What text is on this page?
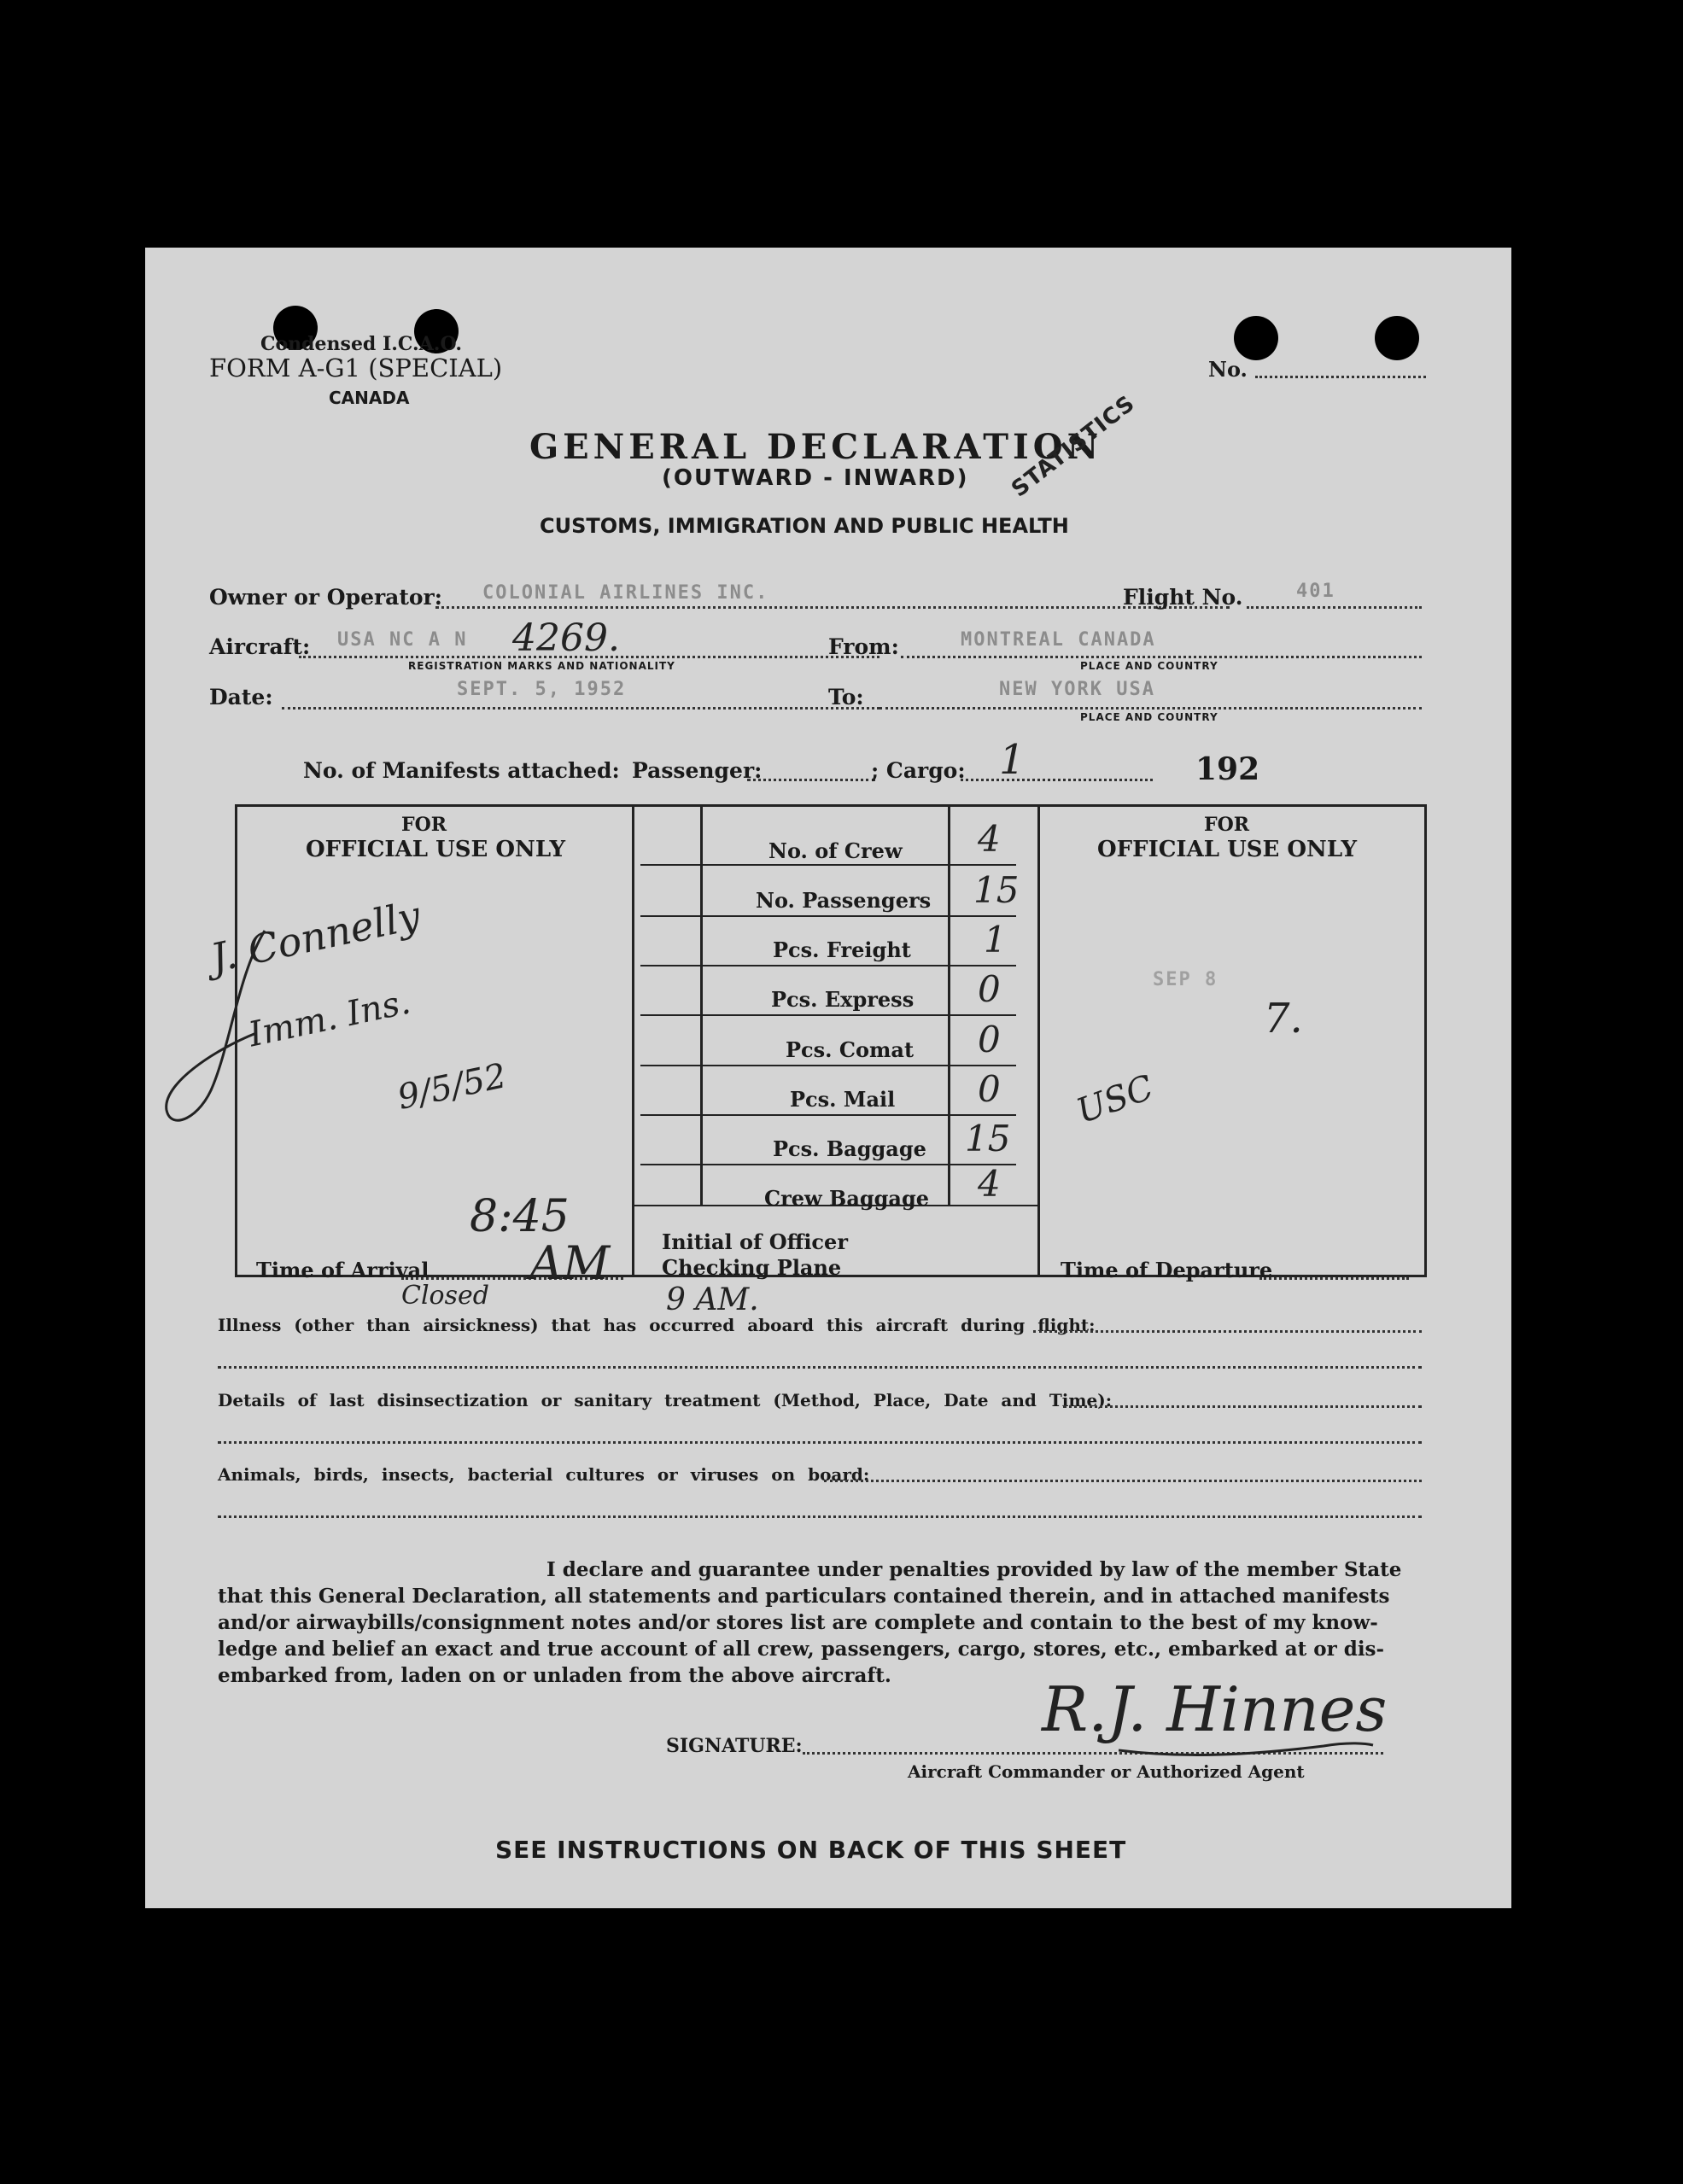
Condensed I.C.A.O.
FORM A-G1 (SPECIAL)
CANADA
No.
GENERAL DECLARATION
STATISTICS
(OUTWARD - INWARD)
CUSTOMS, IMMIGRATION AND PUBLIC HEALTH
Owner or Operator: COLONIAL AIRLINES INC.	Flight No.	401
Aircraft: USA NC A N 4269.
REGISTRATION MARKS AND NATIONALITY
From:	MONTREAL CANADA
PLACE AND COUNTRY
Date:	SEPT. 5, 1952	To:	NEW YORK USA
PLACE AND COUNTRY
No. of Manifests attached: Passenger:	; Cargo: 1	192
FOR
OFFICIAL USE ONLY
FOR
OFFICIAL USE ONLY
No. of Crew 4
No. Passengers 15
Pcs. Freight 1
Pcs. Express 0
Pcs. Comat 0
Pcs. Mail 0
Pcs. Baggage 15
Crew Baggage 4
J. Connelly
Imm. Ins.
9/5/52
SEP 8
7.
USC
Time of Arrival
8:45
AM	Initial of Officer
Checking Plane	Time of Departure
Closed	9 AM.
Illness (other than airsickness) that has occurred aboard this aircraft during flight:
Details of last disinsectization or sanitary treatment (Method, Place, Date and Time):
Animals, birds, insects, bacterial cultures or viruses on board:
I declare and guarantee under penalties provided by law of the member State
that this General Declaration, all statements and particulars contained therein, and in attached manifests
and/or airwaybills/consignment notes and/or stores list are complete and contain to the best of my know-
ledge and belief an exact and true account of all crew, passengers, cargo, stores, etc., embarked at or dis-
embarked from, laden on or unladen from the above aircraft.
SIGNATURE:
R.J. Hinnes
Aircraft Commander or Authorized Agent
SEE INSTRUCTIONS ON BACK OF THIS SHEET
